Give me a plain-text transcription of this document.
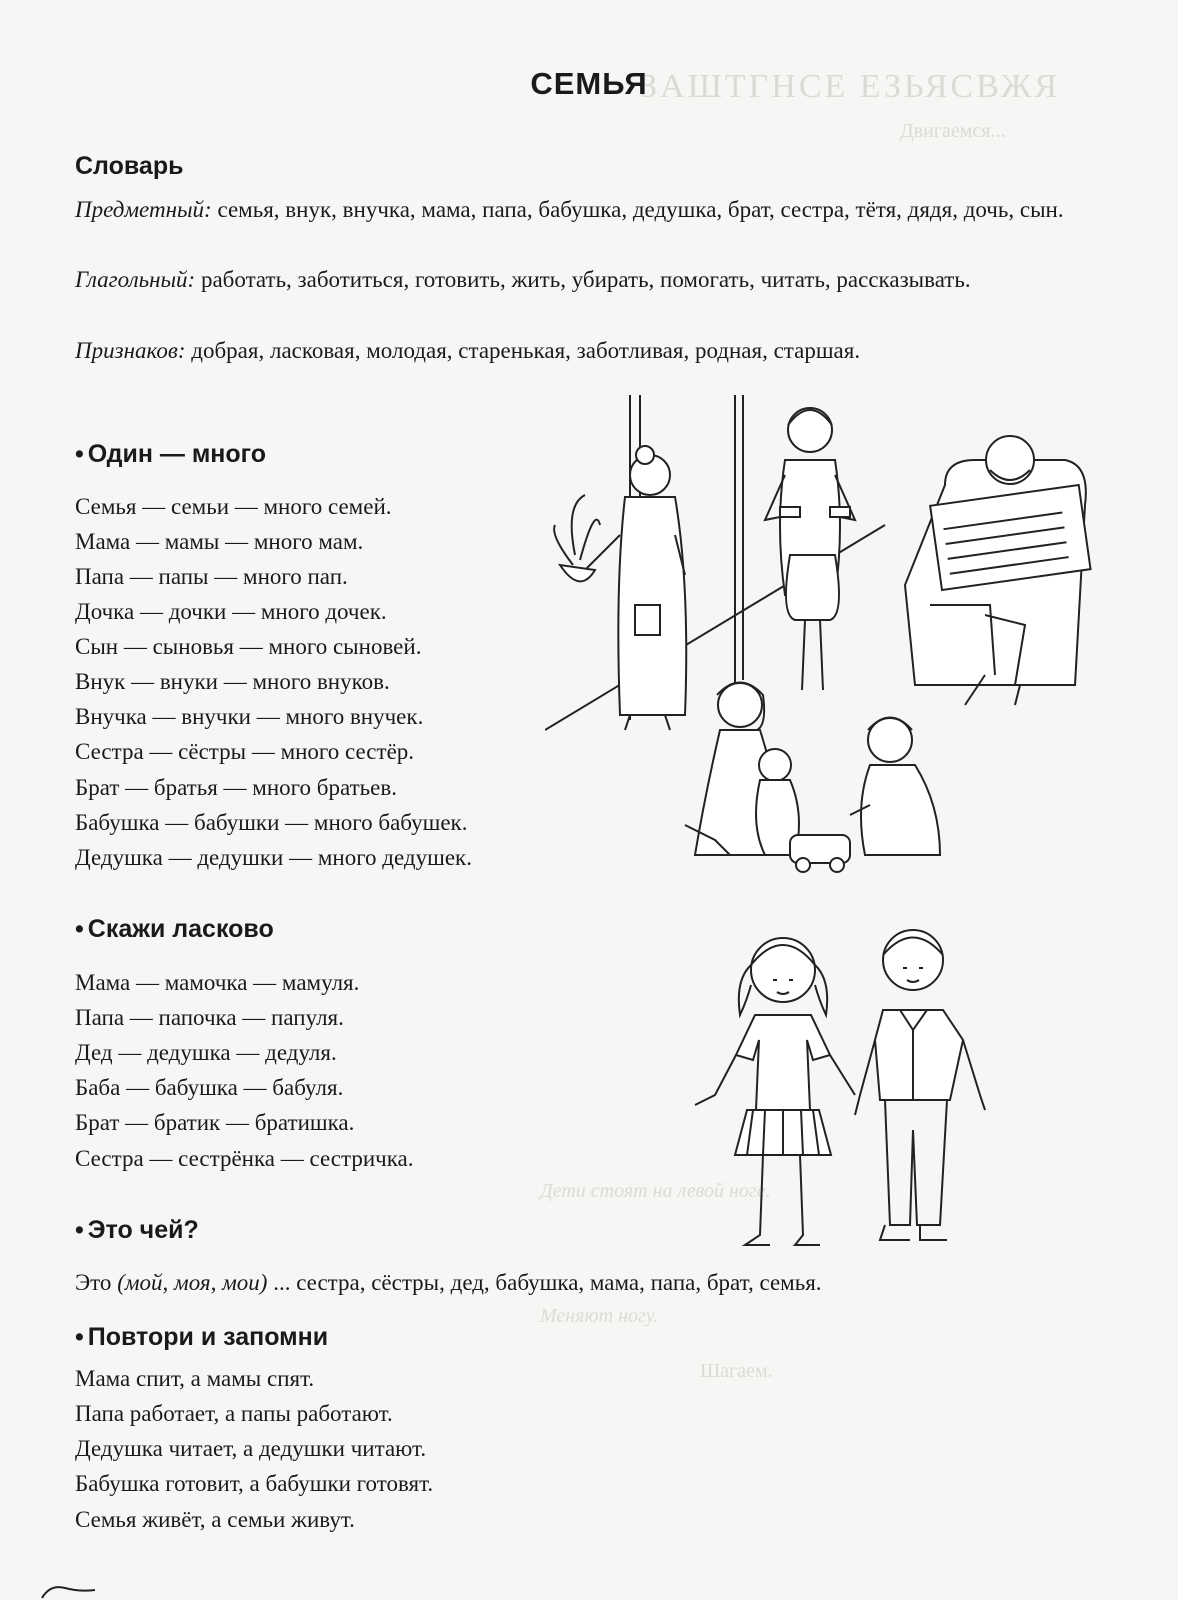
ЗАШТГНСЕ ЕЗЬЯСВЖЯ
Двигаемся...
Шагаем.
Дети стоят на левой ноге.
Меняют ногу.
СЕМЬЯ
Словарь
Предметный: семья, внук, внучка, мама, папа, бабушка, дедушка, брат, сестра, тётя, дядя, дочь, сын.
Глагольный: работать, заботиться, готовить, жить, убирать, помогать, читать, рассказывать.
Признаков: добрая, ласковая, молодая, старенькая, заботливая, родная, старшая.
• Один — много
Семья — семьи — много семей.
Мама — мамы — много мам.
Папа — папы — много пап.
Дочка — дочки — много дочек.
Сын — сыновья — много сыновей.
Внук — внуки — много внуков.
Внучка — внучки — много внучек.
Сестра — сёстры — много сестёр.
Брат — братья — много братьев.
Бабушка — бабушки — много бабушек.
Дедушка — дедушки — много дедушек.
• Скажи ласково
Мама — мамочка — мамуля.
Папа — папочка — папуля.
Дед — дедушка — дедуля.
Баба — бабушка — бабуля.
Брат — братик — братишка.
Сестра — сестрёнка — сестричка.
• Это чей?
Это (мой, моя, мои) ... сестра, сёстры, дед, бабушка, мама, папа, брат, семья.
• Повтори и запомни
Мама спит, а мамы спят.
Папа работает, а папы работают.
Дедушка читает, а дедушки читают.
Бабушка готовит, а бабушки готовят.
Семья живёт, а семьи живут.
